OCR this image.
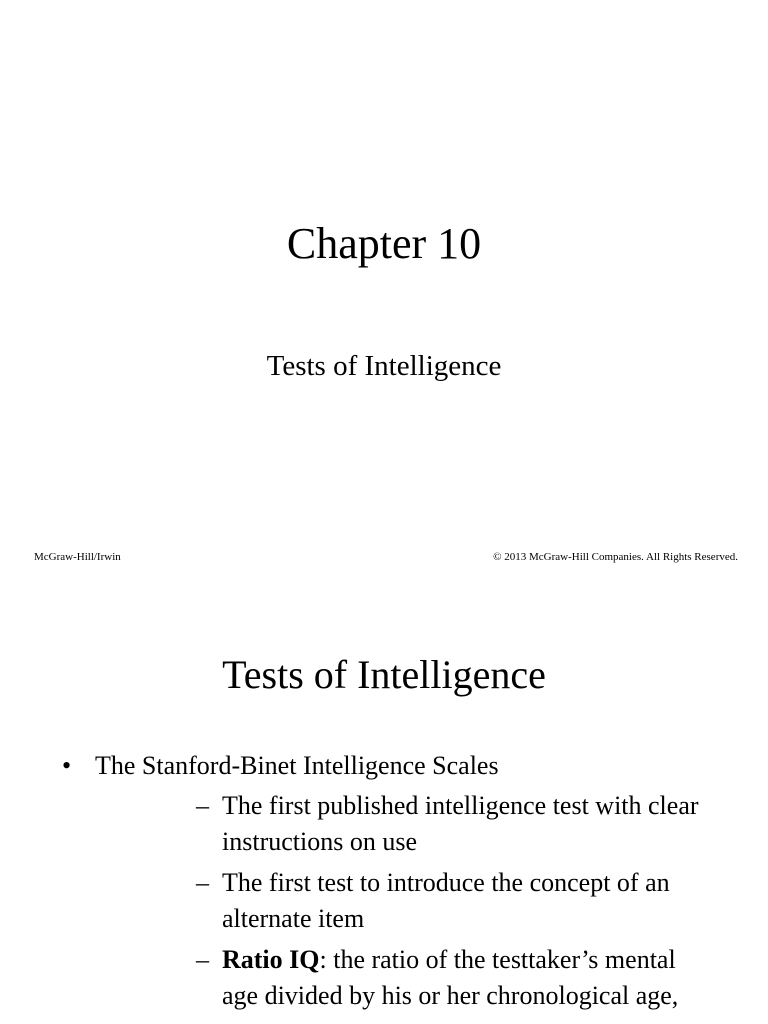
Chapter 10
Tests of Intelligence
McGraw-Hill/Irwin	© 2013 McGraw-Hill Companies. All Rights Reserved.
Tests of Intelligence
• The Stanford-Binet Intelligence Scales
– The first published intelligence test with clear instructions on use
– The first test to introduce the concept of an alternate item
– Ratio IQ: the ratio of the testtaker’s mental age divided by his or her chronological age,
